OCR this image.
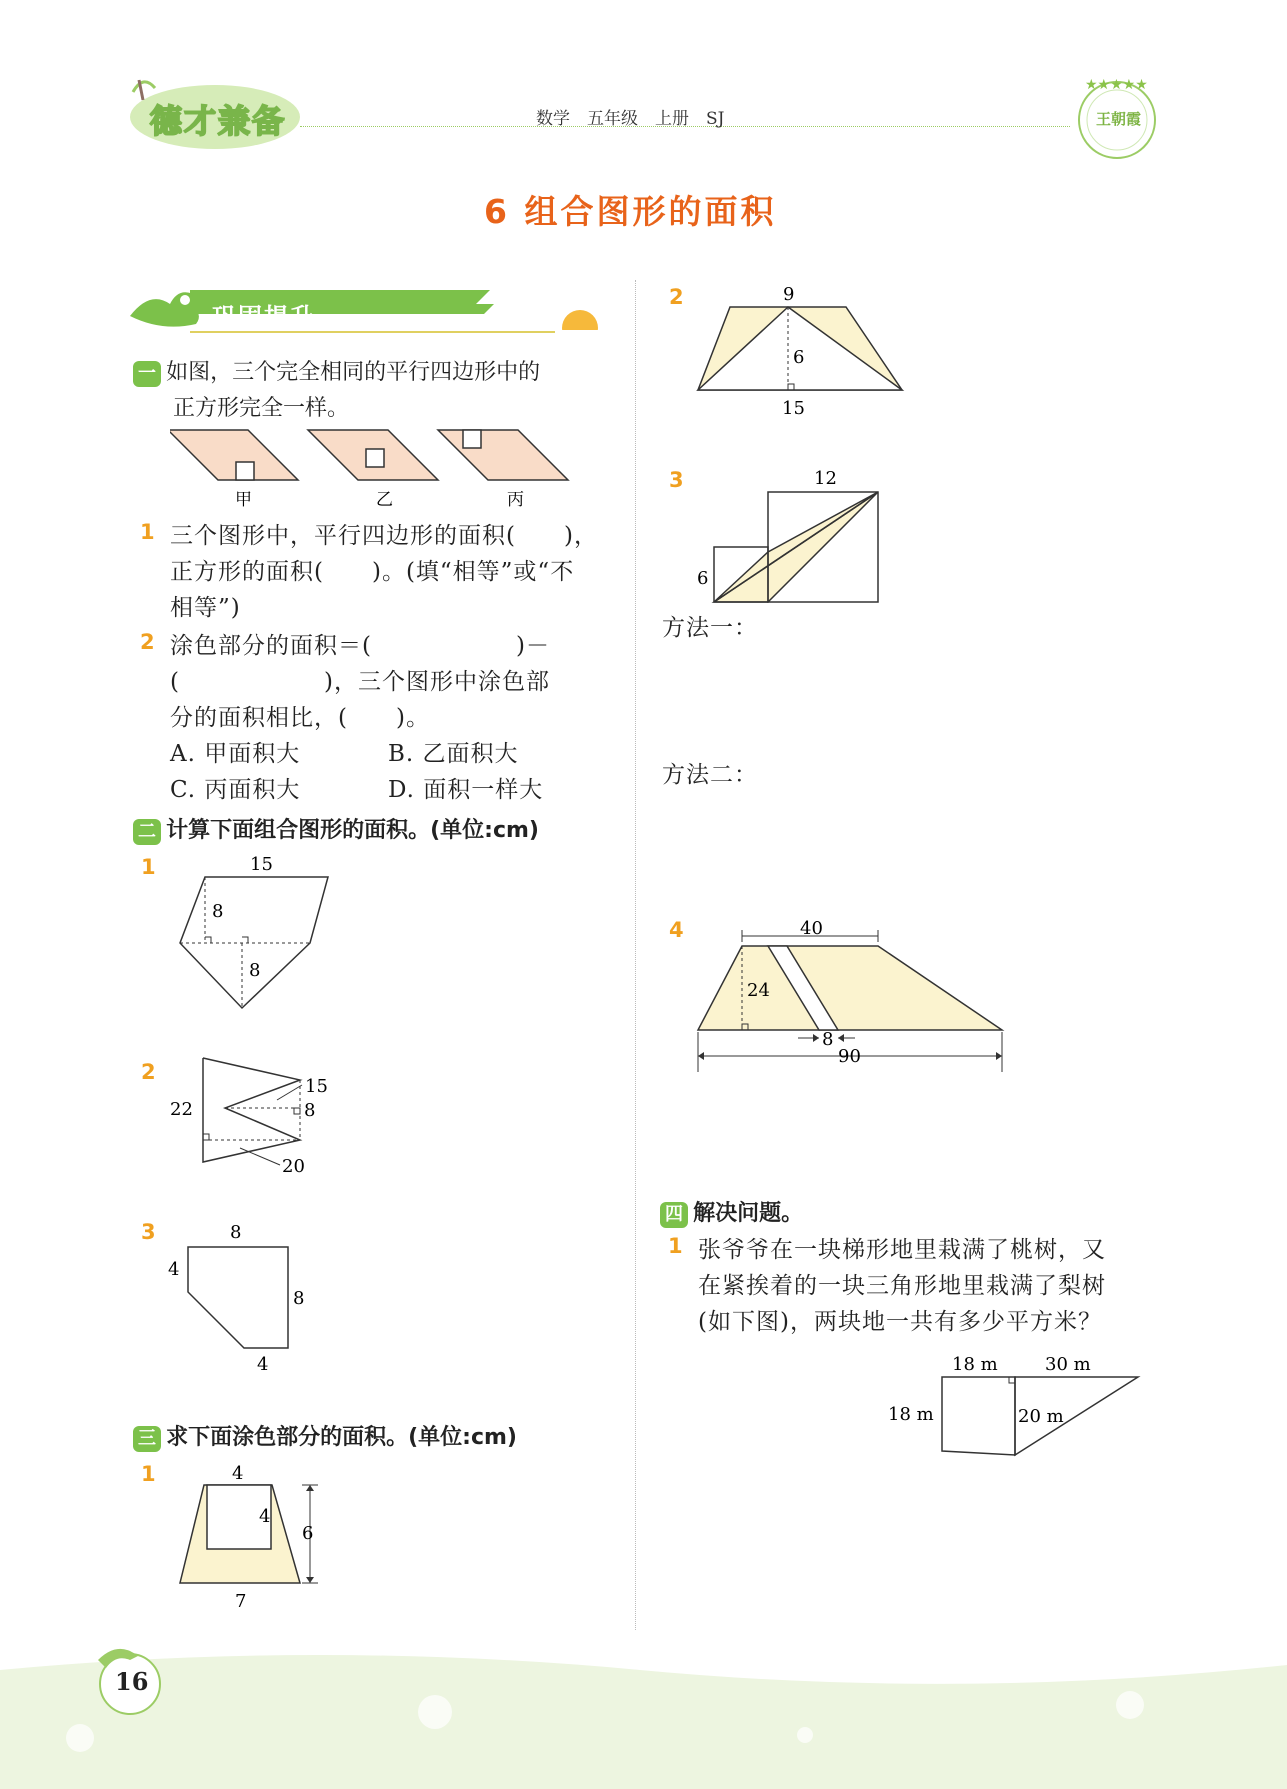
德才兼备	数学　五年级　上册　SJ
★★★★★
王朝霞
6 组合图形的面积
巩固提升
一 如图，三个完全相同的平行四边形中的
正方形完全一样。
甲	乙	丙
1 三个图形中，平行四边形的面积(　　)，
正方形的面积(　　)。(填“相等”或“不
相等”)
2 涂色部分的面积＝(　　　　　　)－
(　　　　　　)，三个图形中涂色部
分的面积相比，(　　)。
A. 甲面积大	B. 乙面积大
C. 丙面积大	D. 面积一样大
二 计算下面组合图形的面积。(单位:cm)
1	15
8
8
2
22
15
8
20
3	8
4
8
4
三 求下面涂色部分的面积。(单位:cm)
1	4
4
6
7
2	9
6
15
3	12
6
方法一：
方法二：
4	40
24
8
90
四 解决问题。
1 张爷爷在一块梯形地里栽满了桃树，又
在紧挨着的一块三角形地里栽满了梨树
(如下图)，两块地一共有多少平方米？
18 m	30 m
18 m	20 m
16
